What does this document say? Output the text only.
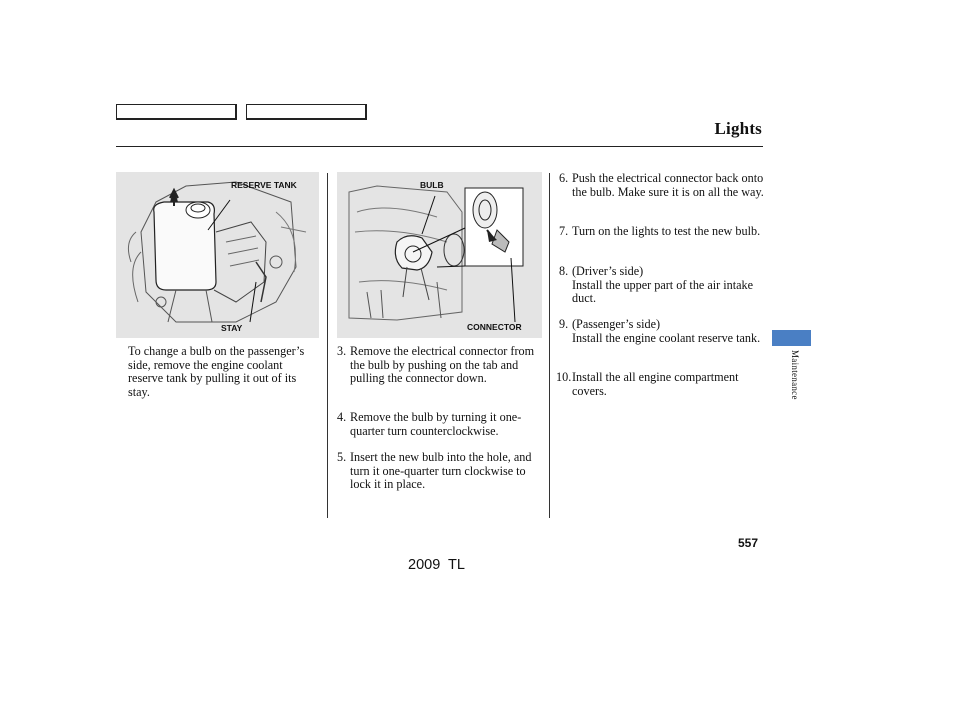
Lights
RESERVE TANK
STAY
BULB
CONNECTOR
To change a bulb on the passenger’s side, remove the engine coolant reserve tank by pulling it out of its stay.
3. Remove the electrical connector from the bulb by pushing on the tab and pulling the connector down.
4. Remove the bulb by turning it one-quarter turn counterclockwise.
5. Insert the new bulb into the hole, and turn it one-quarter turn clockwise to lock it in place.
6. Push the electrical connector back onto the bulb. Make sure it is on all the way.
7. Turn on the lights to test the new bulb.
8. (Driver’s side)
Install the upper part of the air intake duct.
9. (Passenger’s side)
Install the engine coolant reserve tank.
10. Install the all engine compartment covers.	Maintenance
557
2009  TL
